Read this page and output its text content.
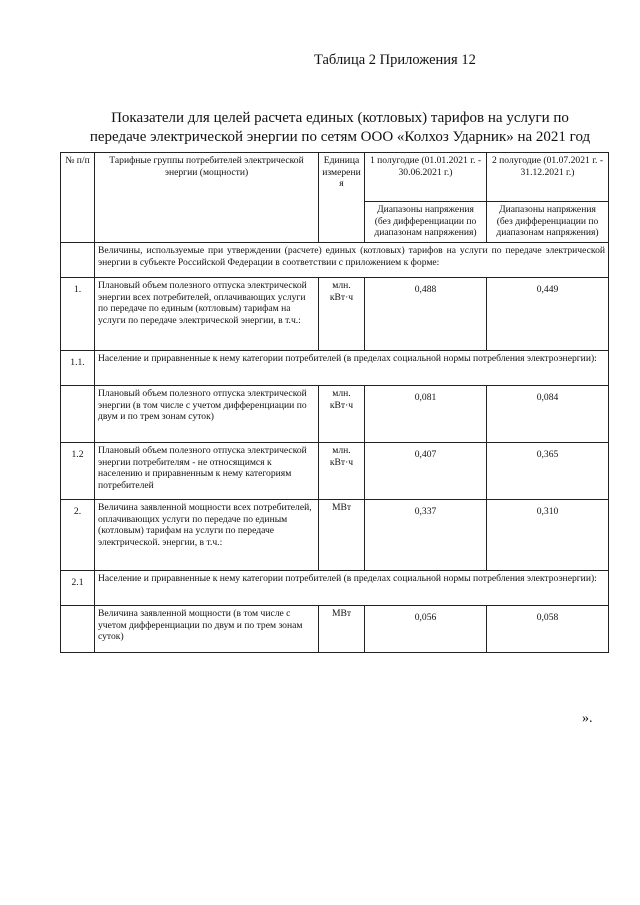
Таблица 2 Приложения 12
Показатели для целей расчета единых (котловых) тарифов на услуги по
передаче электрической энергии по сетям ООО «Колхоз Ударник» на 2021 год
№ п/п	Тарифные группы потребителей электрической энергии (мощности)	Единица измерения	1 полугодие (01.01.2021 г. - 30.06.2021 г.)	2 полугодие (01.07.2021 г. - 31.12.2021 г.)
			Диапазоны напряжения (без дифференциации по диапазонам напряжения)	Диапазоны напряжения (без дифференциации по диапазонам напряжения)
	Величины, используемые при утверждении (расчете) единых (котловых) тарифов на услуги по передаче электрической энергии в субъекте Российской Федерации в соответствии с приложением к форме:			
1.	Плановый объем полезного отпуска электрической энергии всех потребителей, оплачивающих услуги по передаче по единым (котловым) тарифам на услуги по передаче электрической энергии, в т.ч.:	млн. кВт·ч	0,488	0,449
1.1.	Население и приравненные к нему категории потребителей (в пределах социальной нормы потребления электроэнергии):			
	Плановый объем полезного отпуска электрической энергии (в том числе с учетом дифференциации по двум и по трем зонам суток)	млн. кВт·ч	0,081	0,084
1.2	Плановый объем полезного отпуска электрической энергии потребителям - не относящимся к населению и приравненным к нему категориям потребителей	млн. кВт·ч	0,407	0,365
2.	Величина заявленной мощности всех потребителей, оплачивающих услуги по передаче по единым (котловым) тарифам на услуги по передаче электрической. энергии, в т.ч.:	МВт	0,337	0,310
2.1	Население и приравненные к нему категории потребителей (в пределах социальной нормы потребления электроэнергии):			
	Величина заявленной мощности (в том числе с учетом дифференциации по двум и по трем зонам суток)	МВт	0,056	0,058
».
